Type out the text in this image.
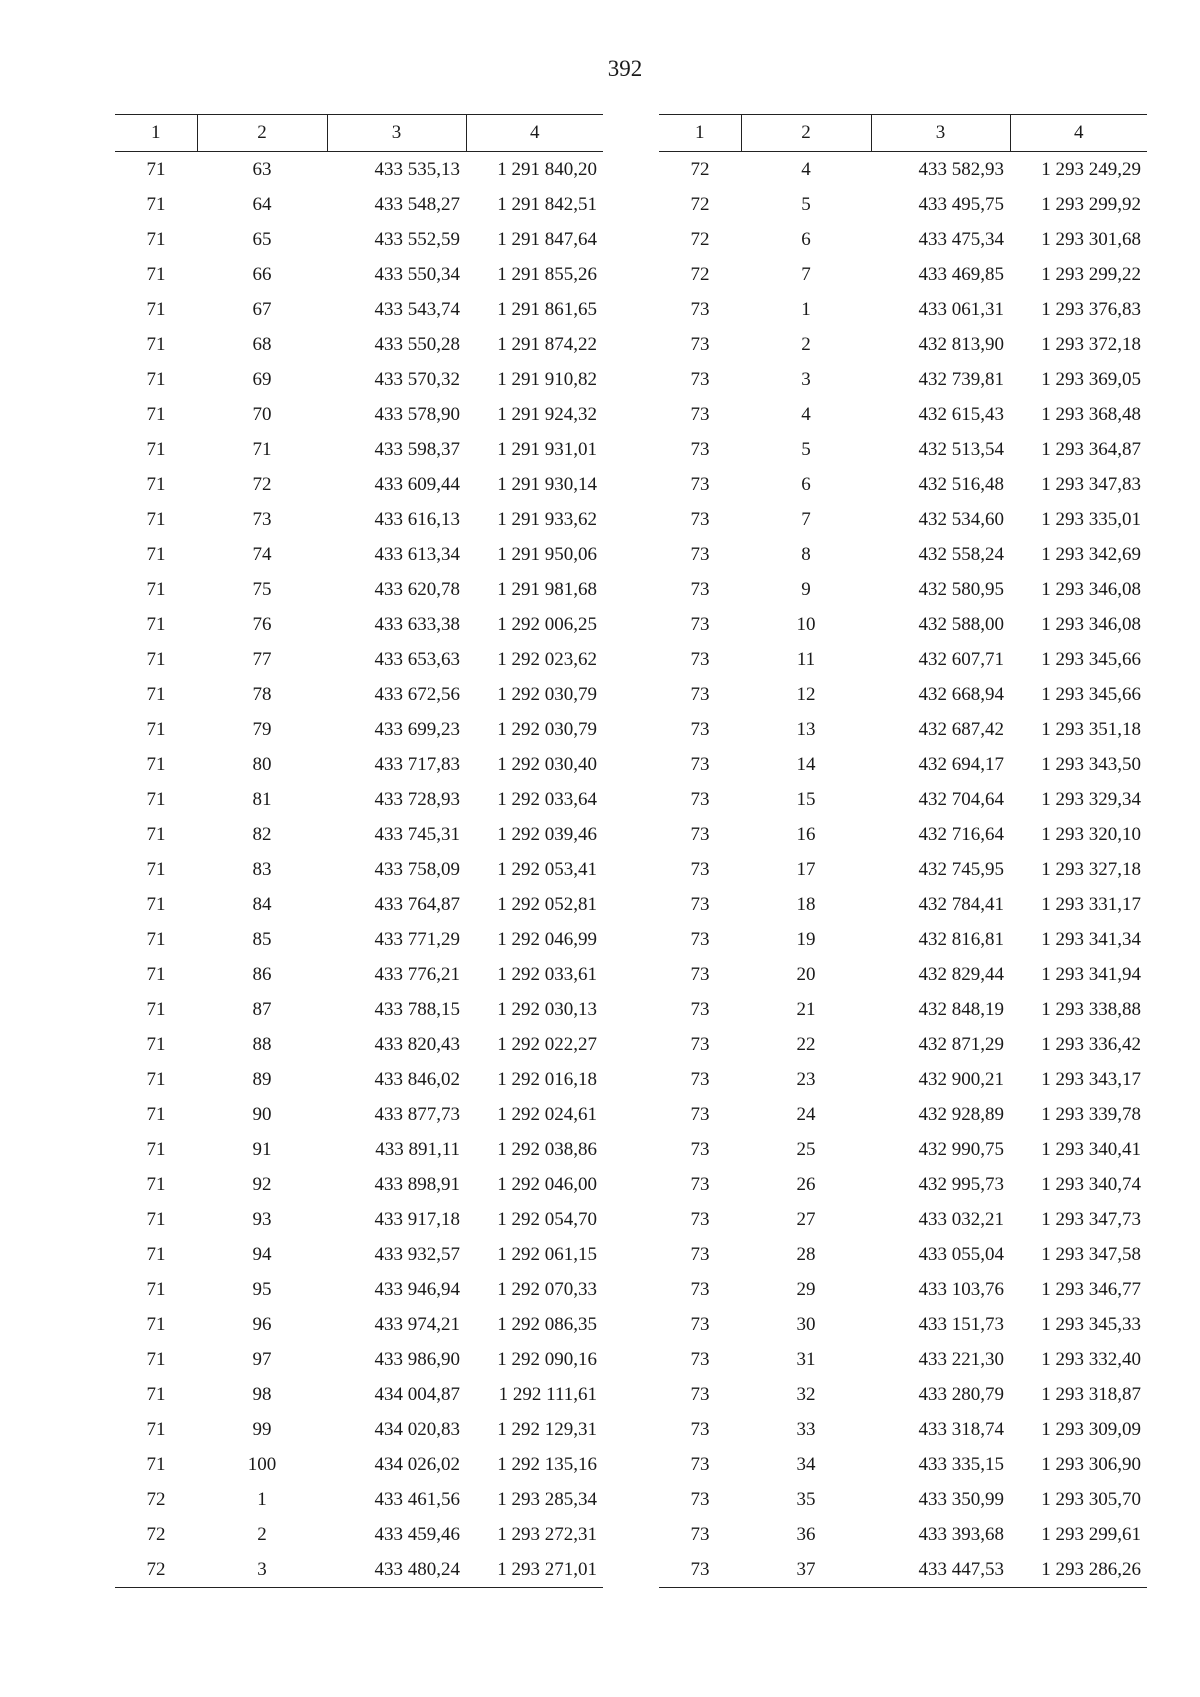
392
1	2	3	4
71	63	433 535,13	1 291 840,20
71	64	433 548,27	1 291 842,51
71	65	433 552,59	1 291 847,64
71	66	433 550,34	1 291 855,26
71	67	433 543,74	1 291 861,65
71	68	433 550,28	1 291 874,22
71	69	433 570,32	1 291 910,82
71	70	433 578,90	1 291 924,32
71	71	433 598,37	1 291 931,01
71	72	433 609,44	1 291 930,14
71	73	433 616,13	1 291 933,62
71	74	433 613,34	1 291 950,06
71	75	433 620,78	1 291 981,68
71	76	433 633,38	1 292 006,25
71	77	433 653,63	1 292 023,62
71	78	433 672,56	1 292 030,79
71	79	433 699,23	1 292 030,79
71	80	433 717,83	1 292 030,40
71	81	433 728,93	1 292 033,64
71	82	433 745,31	1 292 039,46
71	83	433 758,09	1 292 053,41
71	84	433 764,87	1 292 052,81
71	85	433 771,29	1 292 046,99
71	86	433 776,21	1 292 033,61
71	87	433 788,15	1 292 030,13
71	88	433 820,43	1 292 022,27
71	89	433 846,02	1 292 016,18
71	90	433 877,73	1 292 024,61
71	91	433 891,11	1 292 038,86
71	92	433 898,91	1 292 046,00
71	93	433 917,18	1 292 054,70
71	94	433 932,57	1 292 061,15
71	95	433 946,94	1 292 070,33
71	96	433 974,21	1 292 086,35
71	97	433 986,90	1 292 090,16
71	98	434 004,87	1 292 111,61
71	99	434 020,83	1 292 129,31
71	100	434 026,02	1 292 135,16
72	1	433 461,56	1 293 285,34
72	2	433 459,46	1 293 272,31
72	3	433 480,24	1 293 271,01
1	2	3	4
72	4	433 582,93	1 293 249,29
72	5	433 495,75	1 293 299,92
72	6	433 475,34	1 293 301,68
72	7	433 469,85	1 293 299,22
73	1	433 061,31	1 293 376,83
73	2	432 813,90	1 293 372,18
73	3	432 739,81	1 293 369,05
73	4	432 615,43	1 293 368,48
73	5	432 513,54	1 293 364,87
73	6	432 516,48	1 293 347,83
73	7	432 534,60	1 293 335,01
73	8	432 558,24	1 293 342,69
73	9	432 580,95	1 293 346,08
73	10	432 588,00	1 293 346,08
73	11	432 607,71	1 293 345,66
73	12	432 668,94	1 293 345,66
73	13	432 687,42	1 293 351,18
73	14	432 694,17	1 293 343,50
73	15	432 704,64	1 293 329,34
73	16	432 716,64	1 293 320,10
73	17	432 745,95	1 293 327,18
73	18	432 784,41	1 293 331,17
73	19	432 816,81	1 293 341,34
73	20	432 829,44	1 293 341,94
73	21	432 848,19	1 293 338,88
73	22	432 871,29	1 293 336,42
73	23	432 900,21	1 293 343,17
73	24	432 928,89	1 293 339,78
73	25	432 990,75	1 293 340,41
73	26	432 995,73	1 293 340,74
73	27	433 032,21	1 293 347,73
73	28	433 055,04	1 293 347,58
73	29	433 103,76	1 293 346,77
73	30	433 151,73	1 293 345,33
73	31	433 221,30	1 293 332,40
73	32	433 280,79	1 293 318,87
73	33	433 318,74	1 293 309,09
73	34	433 335,15	1 293 306,90
73	35	433 350,99	1 293 305,70
73	36	433 393,68	1 293 299,61
73	37	433 447,53	1 293 286,26
